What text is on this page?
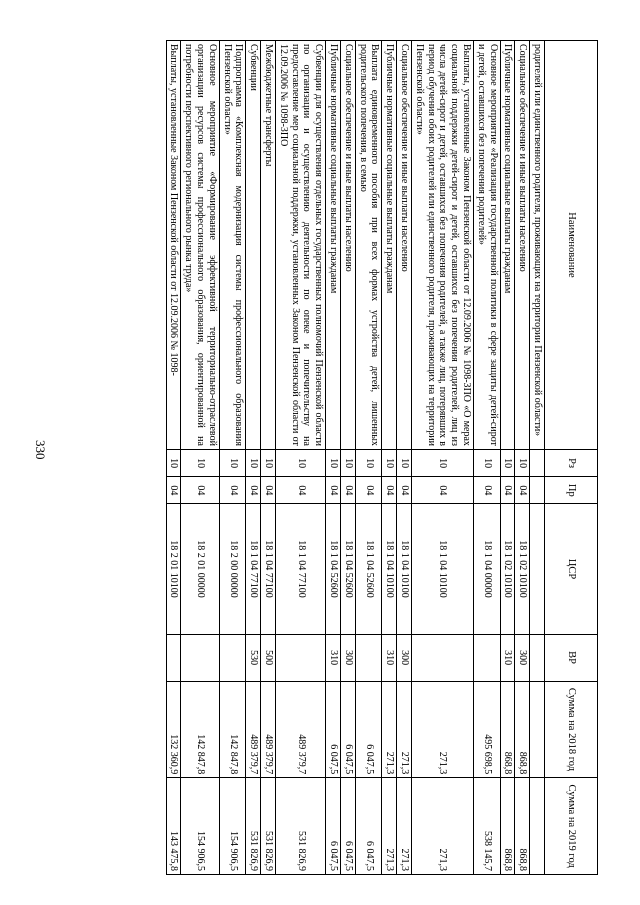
330
Наименование	Рз	Пр	ЦСР	ВР	Сумма на 2018 год	Сумма на 2019 год
родителей или единственного родителя, проживающих на территории Пензенской области»						
Социальное обеспечение и иные выплаты населению	10	04	18 1 02 10100	300	868,8	868,8
Публичные нормативные социальные выплаты гражданам	10	04	18 1 02 10100	310	868,8	868,8
Основное мероприятие «Реализация государственной политики в сфере защиты детей-сирот и детей, оставшихся без попечения родителей»	10	04	18 1 04 00000		495 698,5	538 145,7
Выплаты, установленные Законом Пензенской области от 12.09.2006 № 1098-ЗПО «О мерах социальной поддержки детей-сирот и детей, оставшихся без попечения родителей, лиц из числа детей-сирот и детей, оставшихся без попечения родителей, а также лиц, потерявших в период обучения обоих родителей или единственного родителя, проживающих на территории Пензенской области»	10	04	18 1 04 10100		271,3	271,3
Социальное обеспечение и иные выплаты населению	10	04	18 1 04 10100	300	271,3	271,3
Публичные нормативные социальные выплаты гражданам	10	04	18 1 04 10100	310	271,3	271,3
Выплата единовременного пособия при всех формах устройства детей, лишенных родительского попечения, в семью	10	04	18 1 04 52600		6 047,5	6 047,5
Социальное обеспечение и иные выплаты населению	10	04	18 1 04 52600	300	6 047,5	6 047,5
Публичные нормативные социальные выплаты гражданам	10	04	18 1 04 52600	310	6 047,5	6 047,5
Субвенции для осуществления отдельных государственных полномочий Пензенской области по организации и осуществлению деятельности по опеке и попечительству на предоставление мер социальной поддержки, установленных Законом Пензенской области от 12.09.2006 № 1098-ЗПО	10	04	18 1 04 77100		489 379,7	531 826,9
Межбюджетные трансферты	10	04	18 1 04 77100	500	489 379,7	531 826,9
Субвенции	10	04	18 1 04 77100	530	489 379,7	531 826,9
Подпрограмма «Комплексная модернизация системы профессионального образования Пензенской области»	10	04	18 2 00 00000		142 847,8	154 906,5
Основное мероприятие «Формирование эффективной территориально-отраслевой организации ресурсов системы профессионального образования, ориентированной на потребности перспективного регионального рынка труда»	10	04	18 2 01 00000		142 847,8	154 906,5
Выплаты, установленные Законом Пензенской области от 12.09.2006 № 1098-	10	04	18 2 01 10100		132 360,9	143 475,8
